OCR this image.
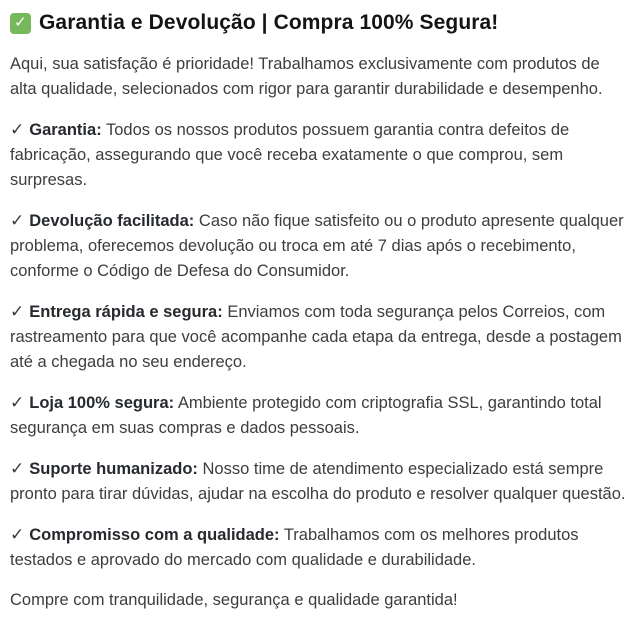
✓ Garantia e Devolução | Compra 100% Segura!

Aqui, sua satisfação é prioridade! Trabalhamos exclusivamente com produtos de alta qualidade, selecionados com rigor para garantir durabilidade e desempenho.

✓ Garantia: Todos os nossos produtos possuem garantia contra defeitos de fabricação, assegurando que você receba exatamente o que comprou, sem surpresas.

✓ Devolução facilitada: Caso não fique satisfeito ou o produto apresente qualquer problema, oferecemos devolução ou troca em até 7 dias após o recebimento, conforme o Código de Defesa do Consumidor.

✓ Entrega rápida e segura: Enviamos com toda segurança pelos Correios, com rastreamento para que você acompanhe cada etapa da entrega, desde a postagem até a chegada no seu endereço.

✓ Loja 100% segura: Ambiente protegido com criptografia SSL, garantindo total segurança em suas compras e dados pessoais.

✓ Suporte humanizado: Nosso time de atendimento especializado está sempre pronto para tirar dúvidas, ajudar na escolha do produto e resolver qualquer questão.

✓ Compromisso com a qualidade: Trabalhamos com os melhores produtos testados e aprovado do mercado com qualidade e durabilidade.

Compre com tranquilidade, segurança e qualidade garantida!
